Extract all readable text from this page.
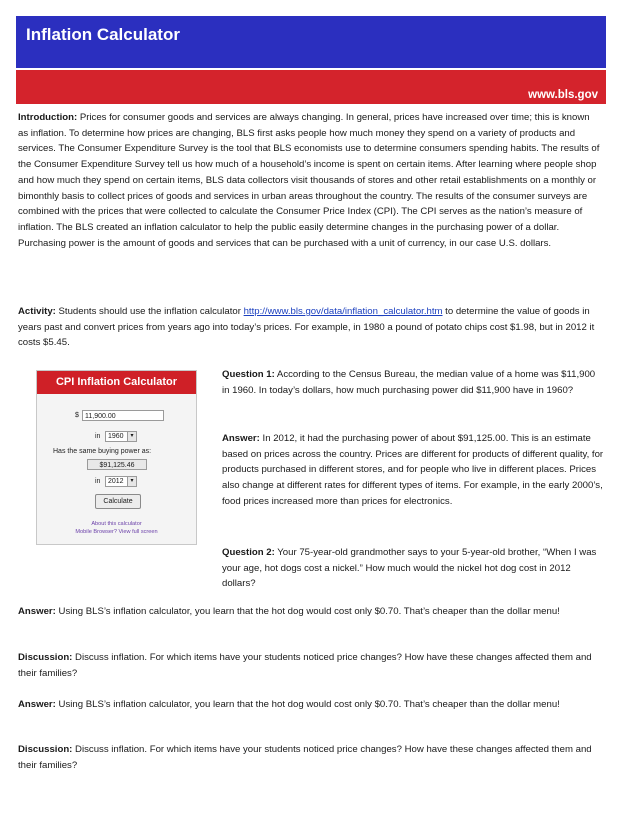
Inflation Calculator
www.bls.gov

Introduction: Prices for consumer goods and services are always changing. In general, prices have increased over time; this is known as inflation. To determine how prices are changing, BLS first asks people how much money they spend on a variety of products and services. The Consumer Expenditure Survey is the tool that BLS economists use to determine consumers spending habits. The results of the Consumer Expenditure Survey tell us how much of a household’s income is spent on certain items. After learning where people shop and how much they spend on certain items, BLS data collectors visit thousands of stores and other retail establishments on a monthly or bimonthly basis to collect prices of goods and services in urban areas throughout the country. The results of the consumer surveys are combined with the prices that were collected to calculate the Consumer Price Index (CPI). The CPI serves as the nation’s measure of inflation. The BLS created an inflation calculator to help the public easily determine changes in the purchasing power of a dollar. Purchasing power is the amount of goods and services that can be purchased with a unit of currency, in our case U.S. dollars.

Activity: Students should use the inflation calculator http://www.bls.gov/data/inflation_calculator.htm to determine the value of goods in years past and convert prices from years ago into today’s prices. For example, in 1980 a pound of potato chips cost $1.98, but in 2012 it costs $5.45.

CPI Inflation Calculator
$ 11,900.00
in	1960	▾
Has the same buying power as:
$91,125.46
in	2012	▾
Calculate
About this calculator
Mobile Browser? View full screen

Question 1: According to the Census Bureau, the median value of a home was $11,900 in 1960. In today’s dollars, how much purchasing power did $11,900 have in 1960?

Answer: In 2012, it had the purchasing power of about $91,125.00. This is an estimate based on prices across the country. Prices are different for products of different quality, for products purchased in different stores, and for people who live in different places. Prices also change at different rates for different types of items. For example, in the early 2000’s, food prices increased more than prices for electronics.

Question 2: Your 75-year-old grandmother says to your 5-year-old brother, “When I was your age, hot dogs cost a nickel.” How much would the nickel hot dog cost in 2012 dollars?

Answer: Using BLS’s inflation calculator, you learn that the hot dog would cost only $0.70. That’s cheaper than the dollar menu!

Discussion: Discuss inflation. For which items have your students noticed price changes? How have these changes affected them and their families?

Answer: Using BLS’s inflation calculator, you learn that the hot dog would cost only $0.70. That’s cheaper than the dollar menu!

Discussion: Discuss inflation. For which items have your students noticed price changes? How have these changes affected them and their families?
